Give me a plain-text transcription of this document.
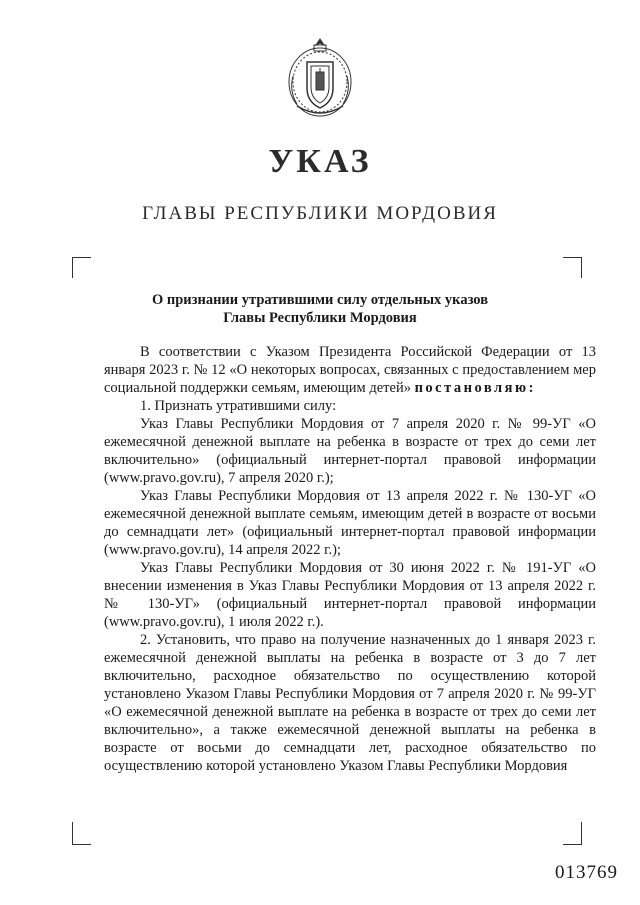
УКАЗ
ГЛАВЫ РЕСПУБЛИКИ МОРДОВИЯ
О признании утратившими силу отдельных указов
Главы Республики Мордовия

В соответствии с Указом Президента Российской Федерации от 13 января 2023 г. № 12 «О некоторых вопросах, связанных с предоставлением мер социальной поддержки семьям, имеющим детей» постановляю:

1. Признать утратившими силу:

Указ Главы Республики Мордовия от 7 апреля 2020 г. № 99-УГ «О ежемесячной денежной выплате на ребенка в возрасте от трех до семи лет включительно» (официальный интернет-портал правовой информации (www.pravo.gov.ru), 7 апреля 2020 г.);

Указ Главы Республики Мордовия от 13 апреля 2022 г. № 130-УГ «О ежемесячной денежной выплате семьям, имеющим детей в возрасте от восьми до семнадцати лет» (официальный интернет-портал правовой информации (www.pravo.gov.ru), 14 апреля 2022 г.);

Указ Главы Республики Мордовия от 30 июня 2022 г. № 191-УГ «О внесении изменения в Указ Главы Республики Мордовия от 13 апреля 2022 г. № 130-УГ» (официальный интернет-портал правовой информации (www.pravo.gov.ru), 1 июля 2022 г.).

2. Установить, что право на получение назначенных до 1 января 2023 г. ежемесячной денежной выплаты на ребенка в возрасте от 3 до 7 лет включительно, расходное обязательство по осуществлению которой установлено Указом Главы Республики Мордовия от 7 апреля 2020 г. № 99-УГ «О ежемесячной денежной выплате на ребенка в возрасте от трех до семи лет включительно», а также ежемесячной денежной выплаты на ребенка в возрасте от восьми до семнадцати лет, расходное обязательство по осуществлению которой установлено Указом Главы Республики Мордовия

013769
